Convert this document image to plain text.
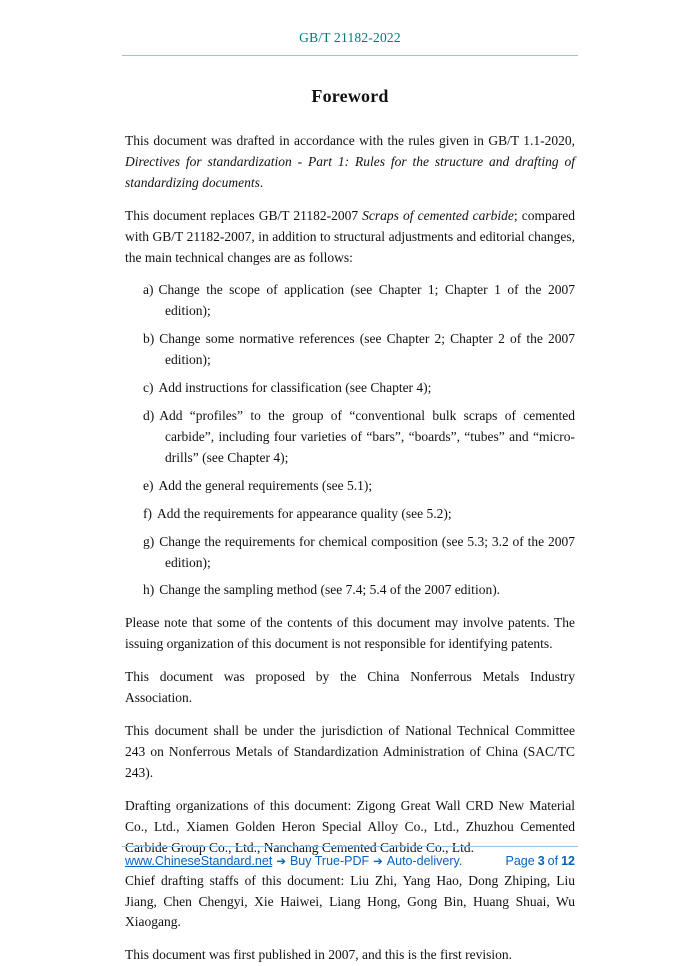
GB/T 21182-2022
Foreword

This document was drafted in accordance with the rules given in GB/T 1.1-2020, Directives for standardization - Part 1: Rules for the structure and drafting of standardizing documents.

This document replaces GB/T 21182-2007 Scraps of cemented carbide; compared with GB/T 21182-2007, in addition to structural adjustments and editorial changes, the main technical changes are as follows:

a) Change the scope of application (see Chapter 1; Chapter 1 of the 2007 edition);
b) Change some normative references (see Chapter 2; Chapter 2 of the 2007 edition);
c) Add instructions for classification (see Chapter 4);
d) Add “profiles” to the group of “conventional bulk scraps of cemented carbide”, including four varieties of “bars”, “boards”, “tubes” and “micro-drills” (see Chapter 4);
e) Add the general requirements (see 5.1);
f) Add the requirements for appearance quality (see 5.2);
g) Change the requirements for chemical composition (see 5.3; 3.2 of the 2007 edition);
h) Change the sampling method (see 7.4; 5.4 of the 2007 edition).

Please note that some of the contents of this document may involve patents. The issuing organization of this document is not responsible for identifying patents.

This document was proposed by the China Nonferrous Metals Industry Association.

This document shall be under the jurisdiction of National Technical Committee 243 on Nonferrous Metals of Standardization Administration of China (SAC/TC 243).

Drafting organizations of this document: Zigong Great Wall CRD New Material Co., Ltd., Xiamen Golden Heron Special Alloy Co., Ltd., Zhuzhou Cemented Carbide Group Co., Ltd., Nanchang Cemented Carbide Co., Ltd.

Chief drafting staffs of this document: Liu Zhi, Yang Hao, Dong Zhiping, Liu Jiang, Chen Chengyi, Xie Haiwei, Liang Hong, Gong Bin, Huang Shuai, Wu Xiaogang.

This document was first published in 2007, and this is the first revision.

www.ChineseStandard.net ➔ Buy True-PDF ➔ Auto-delivery.	Page 3 of 12
